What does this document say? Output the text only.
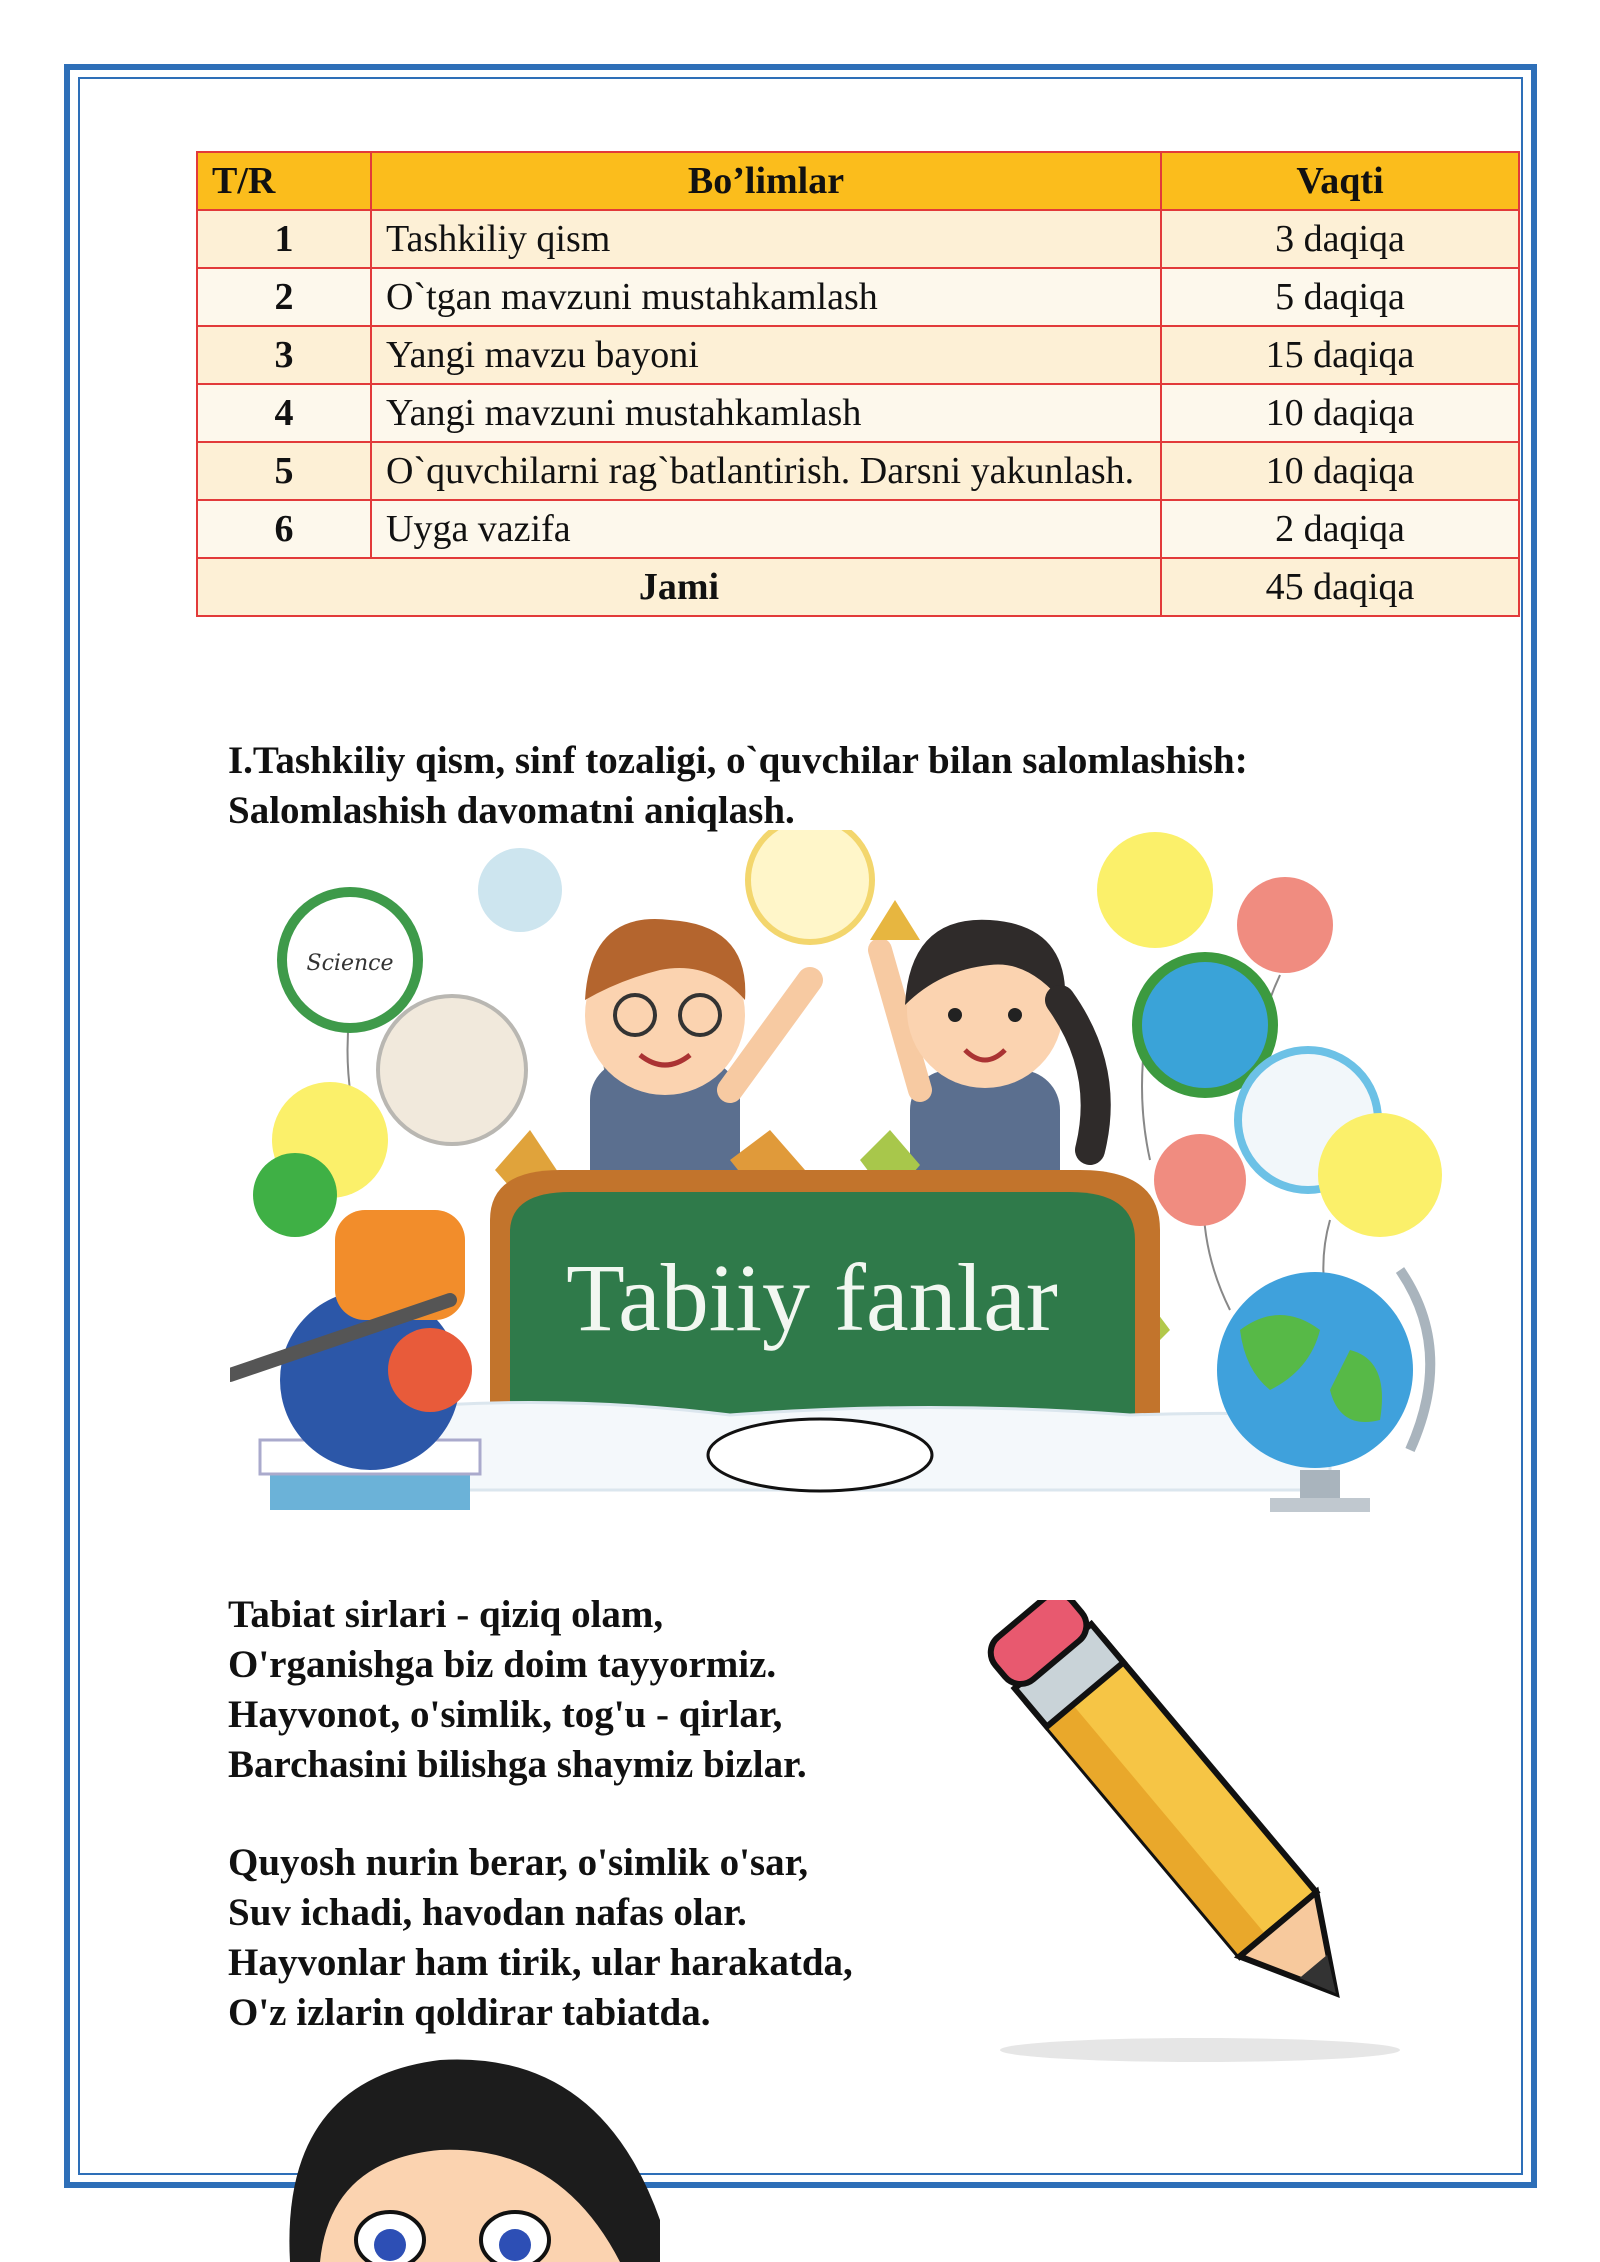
T/R	Bo’limlar	Vaqti
1	Tashkiliy qism	3 daqiqa
2	O`tgan mavzuni mustahkamlash	5 daqiqa
3	Yangi mavzu bayoni	15 daqiqa
4	Yangi mavzuni mustahkamlash	10 daqiqa
5	O`quvchilarni rag`batlantirish. Darsni yakunlash.	10 daqiqa
6	Uyga vazifa	2 daqiqa
Jami		45 daqiqa
I.Tashkiliy qism, sinf tozaligi, o`quvchilar bilan salomlashish:
Salomlashish davomatni aniqlash.
Science
Tabiiy fanlar
Tabiat sirlari - qiziq olam,
O'rganishga biz doim tayyormiz.
Hayvonot, o'simlik, tog'u - qirlar,
Barchasini bilishga shaymiz bizlar.
Quyosh nurin berar, o'simlik o'sar,
Suv ichadi, havodan nafas olar.
Hayvonlar ham tirik, ular harakatda,
O'z izlarin qoldirar tabiatda.
